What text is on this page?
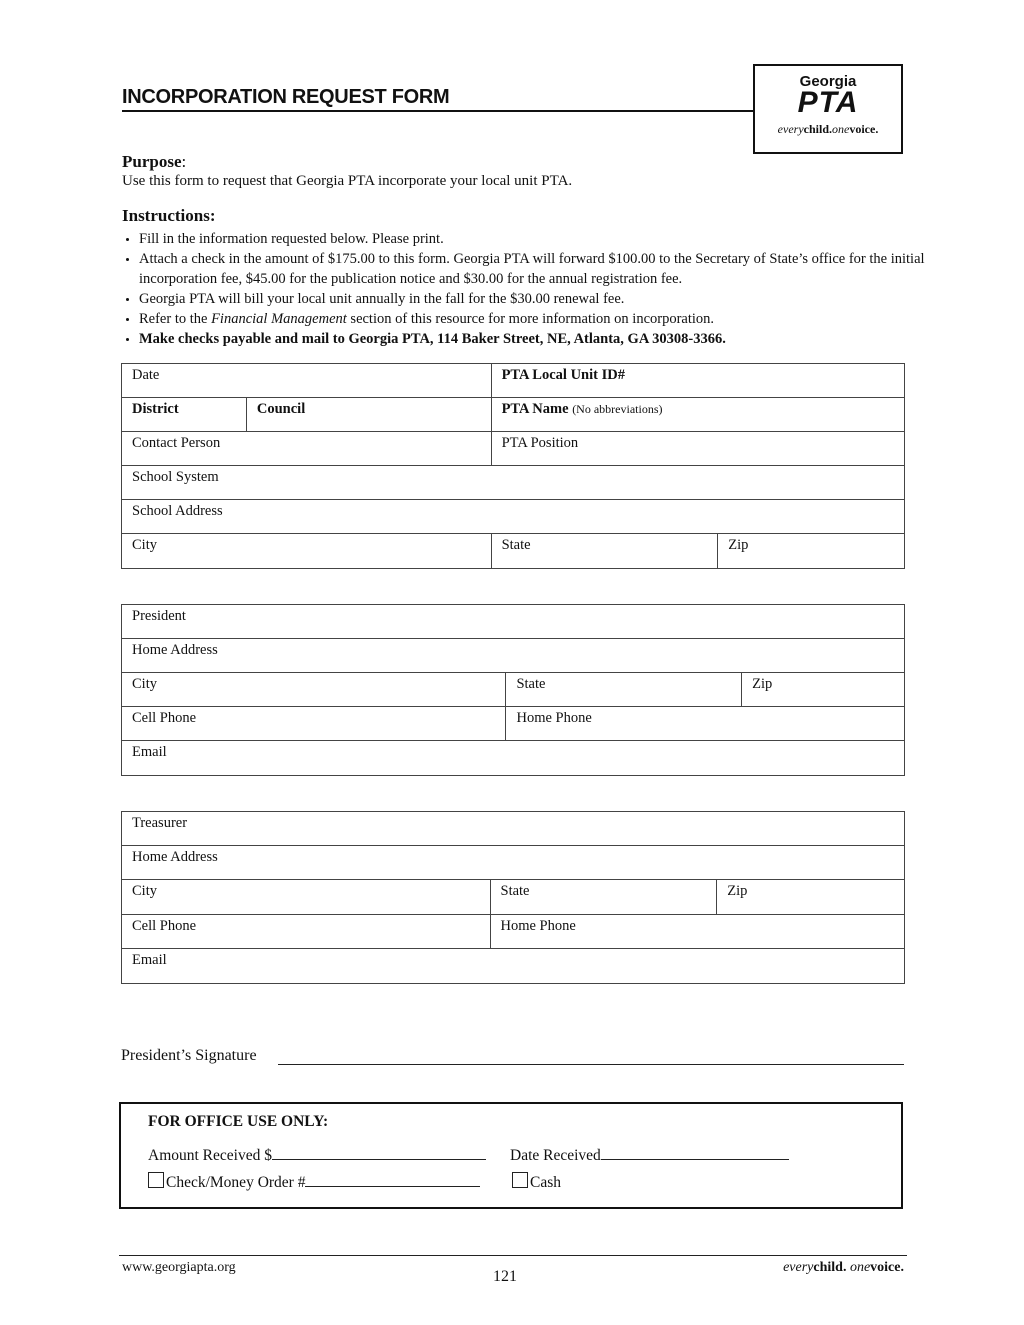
INCORPORATION REQUEST FORM
Georgia
PTA
everychild.onevoice.
Purpose:
Use this form to request that Georgia PTA incorporate your local unit PTA.
Instructions:
• Fill in the information requested below. Please print.
• Attach a check in the amount of $175.00 to this form. Georgia PTA will forward $100.00 to the Secretary of State’s office for the initial incorporation fee, $45.00 for the publication notice and $30.00 for the annual registration fee.
• Georgia PTA will bill your local unit annually in the fall for the $30.00 renewal fee.
• Refer to the Financial Management section of this resource for more information on incorporation.
• Make checks payable and mail to Georgia PTA, 114 Baker Street, NE, Atlanta, GA 30308-3366.
Date		PTA Local Unit ID#	
District	Council	PTA Name (No abbreviations)	
Contact Person		PTA Position	
School System			
School Address			
City		State	Zip
President		
Home Address		
City	State	Zip
Cell Phone	Home Phone	
Email		
Treasurer		
Home Address		
City	State	Zip
Cell Phone	Home Phone	
Email		
President’s Signature
FOR OFFICE USE ONLY:
Amount Received $	Date Received
Check/Money Order #	Cash
www.georgiapta.org
121
everychild. onevoice.
